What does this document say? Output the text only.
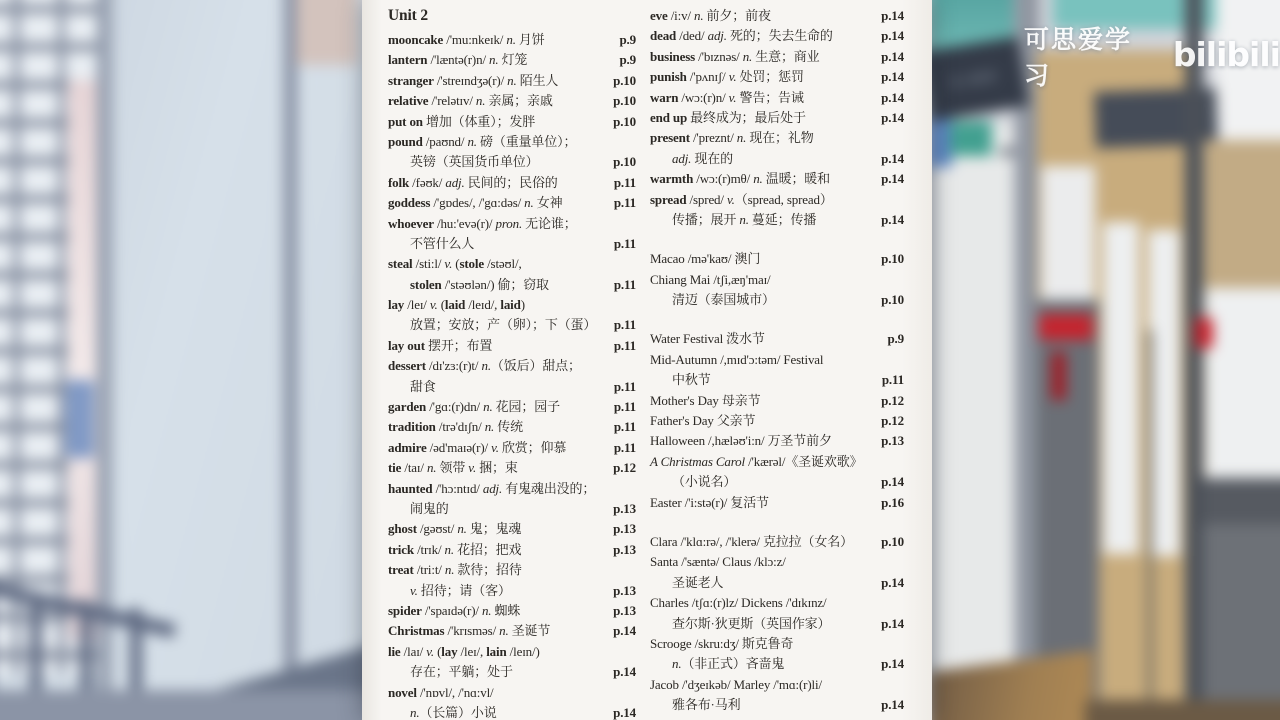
5-404
Unit 2
mooncake /'mu:nkeɪk/ n. 月饼	p.9
lantern /'læntə(r)n/ n. 灯笼	p.9
stranger /'streɪndʒə(r)/ n. 陌生人	p.10
relative /'relətɪv/ n. 亲属；亲戚	p.10
put on 增加（体重）；发胖	p.10
pound /paʊnd/ n. 磅（重量单位）；
英镑（英国货币单位）	p.10
folk /fəʊk/ adj. 民间的；民俗的	p.11
goddess /'gɒdes/, /'gɑ:dəs/ n. 女神	p.11
whoever /hu:'evə(r)/ pron. 无论谁；
不管什么人	p.11
steal /sti:l/ v. (stole /stəʊl/,
stolen /'stəʊlən/) 偷；窃取	p.11
lay /leɪ/ v. (laid /leɪd/, laid)
放置；安放；产（卵）；下（蛋）	p.11
lay out 摆开；布置	p.11
dessert /dɪ'zɜ:(r)t/ n.（饭后）甜点；
甜食	p.11
garden /'gɑ:(r)dn/ n. 花园；园子	p.11
tradition /trə'dɪʃn/ n. 传统	p.11
admire /əd'maɪə(r)/ v. 欣赏；仰慕	p.11
tie /taɪ/ n. 领带 v. 捆；束	p.12
haunted /'hɔ:ntɪd/ adj. 有鬼魂出没的；
闹鬼的	p.13
ghost /gəʊst/ n. 鬼；鬼魂	p.13
trick /trɪk/ n. 花招；把戏	p.13
treat /tri:t/ n. 款待；招待
v. 招待；请（客）	p.13
spider /'spaɪdə(r)/ n. 蜘蛛	p.13
Christmas /'krɪsməs/ n. 圣诞节	p.14
lie /laɪ/ v. (lay /leɪ/, lain /leɪn/)
存在；平躺；处于	p.14
novel /'nɒvl/, /'nɑ:vl/
n.（长篇）小说	p.14
eve /i:v/ n. 前夕；前夜	p.14
dead /ded/ adj. 死的；失去生命的	p.14
business /'bɪznəs/ n. 生意；商业	p.14
punish /'pʌnɪʃ/ v. 处罚；惩罚	p.14
warn /wɔ:(r)n/ v. 警告；告诫	p.14
end up 最终成为；最后处于	p.14
present /'preznt/ n. 现在；礼物
adj. 现在的	p.14
warmth /wɔ:(r)mθ/ n. 温暖；暖和	p.14
spread /spred/ v.（spread, spread）
传播；展开 n. 蔓延；传播	p.14
Macao /mə'kaʊ/ 澳门	p.10
Chiang Mai /tʃi,æŋ'maɪ/
清迈（泰国城市）	p.10
Water Festival 泼水节	p.9
Mid-Autumn /,mɪd'ɔ:təm/ Festival
中秋节	p.11
Mother's Day 母亲节	p.12
Father's Day 父亲节	p.12
Halloween /,hæləʊ'i:n/ 万圣节前夕	p.13
A Christmas Carol /'kærəl/《圣诞欢歌》
（小说名）	p.14
Easter /'i:stə(r)/ 复活节	p.16
Clara /'klɑ:rə/, /'klerə/ 克拉拉（女名）	p.10
Santa /'sæntə/ Claus /klɔ:z/
圣诞老人	p.14
Charles /tʃɑ:(r)lz/ Dickens /'dɪkɪnz/
查尔斯·狄更斯（英国作家）	p.14
Scrooge /skru:dʒ/ 斯克鲁奇
n.（非正式）吝啬鬼	p.14
Jacob /'dʒeɪkəb/ Marley /'mɑ:(r)li/
雅各布·马利	p.14
可思爱学习
bilibili
